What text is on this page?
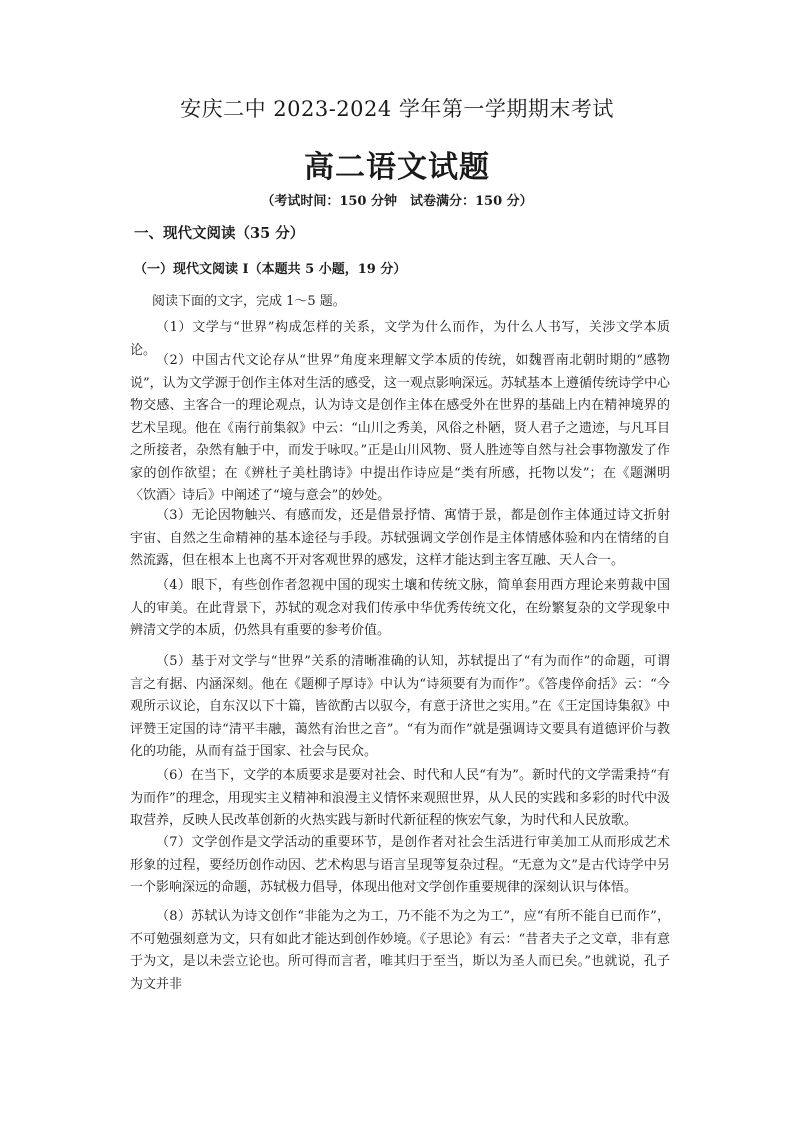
安庆二中 2023-2024 学年第一学期期末考试
高二语文试题
（考试时间：150 分钟　试卷满分：150 分）
一、现代文阅读（35 分）
（一）现代文阅读 I（本题共 5 小题，19 分）
阅读下面的文字，完成 1～5 题。
（1）文学与“世界”构成怎样的关系，文学为什么而作，为什么人书写，关涉文学本质论。
（2）中国古代文论存从“世界”角度来理解文学本质的传统，如魏晋南北朝时期的“感物说”，认为文学源于创作主体对生活的感受，这一观点影响深远。苏轼基本上遵循传统诗学中心物交感、主客合一的理论观点，认为诗文是创作主体在感受外在世界的基础上内在精神境界的艺术呈现。他在《南行前集叙》中云：“山川之秀美，风俗之朴陋，贤人君子之遗迹，与凡耳目之所接者，杂然有触于中，而发于咏叹。”正是山川风物、贤人胜迹等自然与社会事物激发了作家的创作欲望；在《辨杜子美杜鹃诗》中提出作诗应是“类有所感，托物以发”；在《题渊明〈饮酒〉诗后》中阐述了“境与意会”的妙处。
（3）无论因物触兴、有感而发，还是借景抒情、寓情于景，都是创作主体通过诗文折射宇宙、自然之生命精神的基本途径与手段。苏轼强调文学创作是主体情感体验和内在情绪的自然流露，但在根本上也离不开对客观世界的感发，这样才能达到主客互融、天人合一。
（4）眼下，有些创作者忽视中国的现实土壤和传统文脉，简单套用西方理论来剪裁中国人的审美。在此背景下，苏轼的观念对我们传承中华优秀传统文化，在纷繁复杂的文学现象中辨清文学的本质，仍然具有重要的参考价值。
（5）基于对文学与“世界”关系的清晰准确的认知，苏轼提出了“有为而作”的命题，可谓言之有据、内涵深刻。他在《题柳子厚诗》中认为“诗须要有为而作”。《答虔倅俞括》云：“今观所示议论，自东汉以下十篇，皆欲酌古以驭今，有意于济世之实用。”在《王定国诗集叙》中评赞王定国的诗“清平丰融，蔼然有治世之音”。“有为而作”就是强调诗文要具有道德评价与教化的功能，从而有益于国家、社会与民众。
（6）在当下，文学的本质要求是要对社会、时代和人民“有为”。新时代的文学需秉持“有为而作”的理念，用现实主义精神和浪漫主义情怀来观照世界，从人民的实践和多彩的时代中汲取营养，反映人民改革创新的火热实践与新时代新征程的恢宏气象，为时代和人民放歌。
（7）文学创作是文学活动的重要环节，是创作者对社会生活进行审美加工从而形成艺术形象的过程，要经历创作动因、艺术构思与语言呈现等复杂过程。“无意为文”是古代诗学中另一个影响深远的命题，苏轼极力倡导，体现出他对文学创作重要规律的深刻认识与体悟。
（8）苏轼认为诗文创作“非能为之为工，乃不能不为之为工”，应“有所不能自已而作”，不可勉强刻意为文，只有如此才能达到创作妙境。《子思论》有云：“昔者夫子之文章，非有意于为文，是以未尝立论也。所可得而言者，唯其归于至当，斯以为圣人而已矣。”也就说，孔子为文并非
